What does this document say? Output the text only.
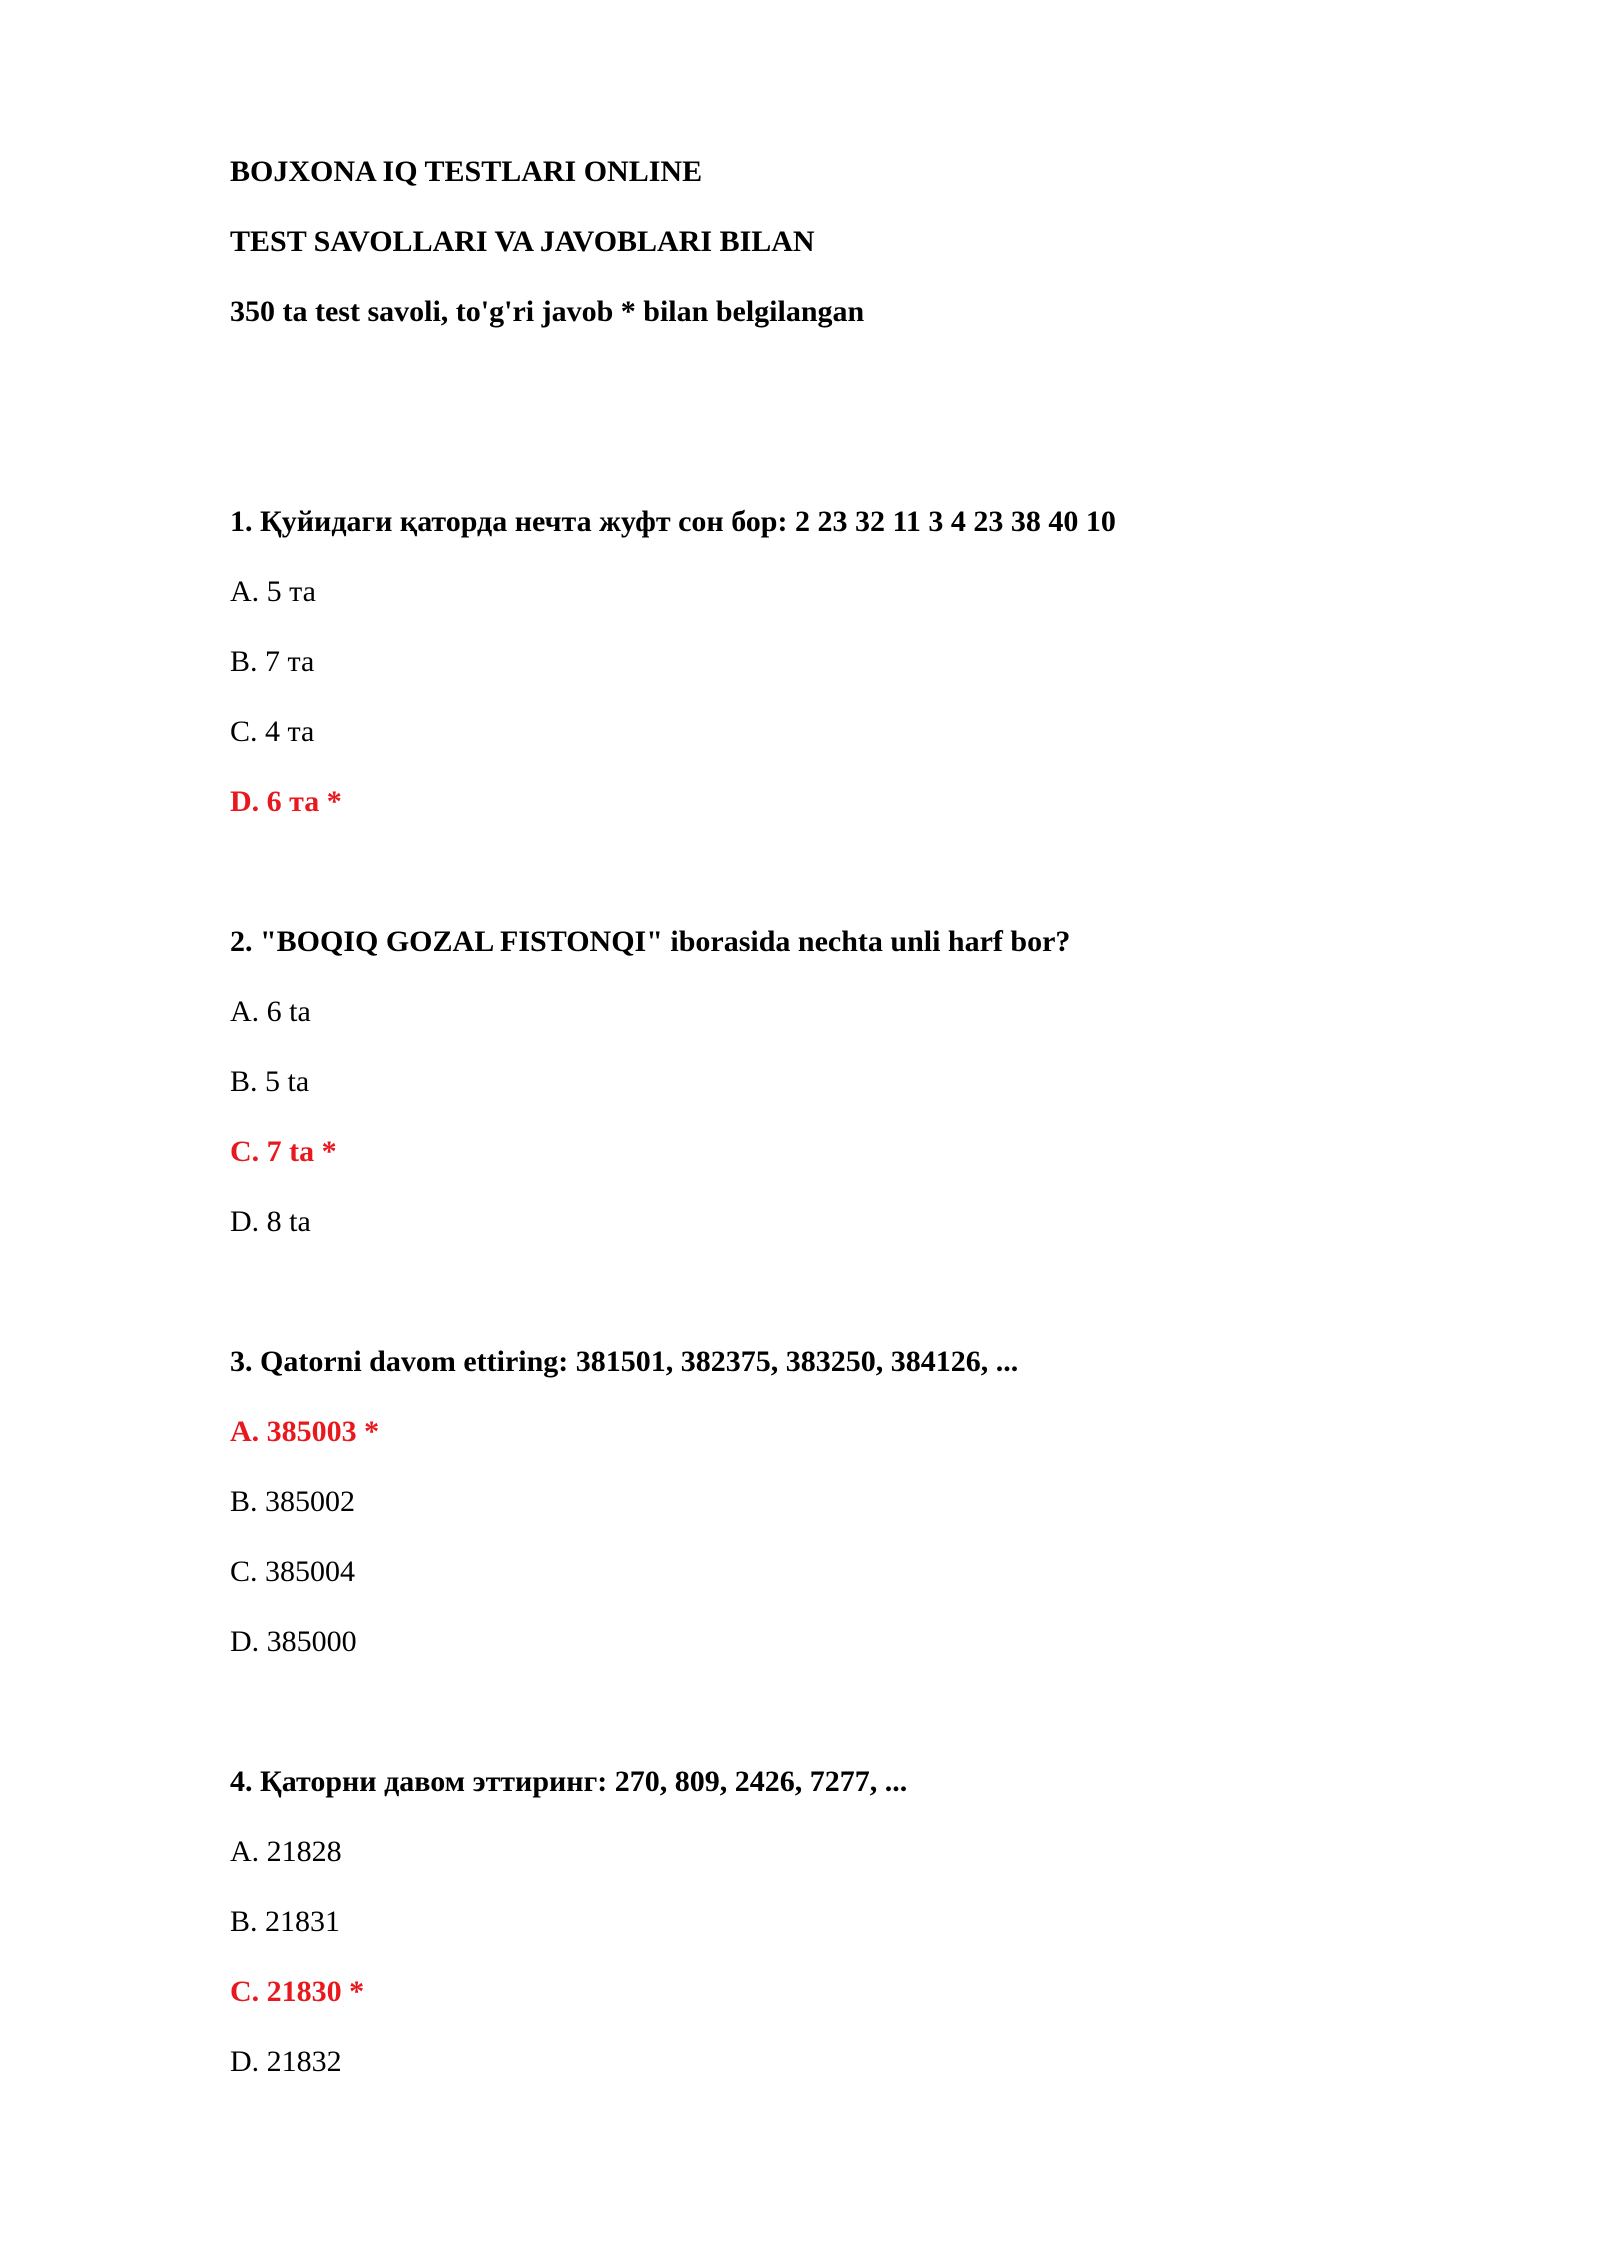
BOJXONA IQ TESTLARI ONLINE

TEST SAVOLLARI VA JAVOBLARI BILAN

350 ta test savoli, to'g'ri javob * bilan belgilangan

1. Қуйидаги қаторда нечта жуфт сон бор: 2 23 32 11 3 4 23 38 40 10

A. 5 та

B. 7 та

C. 4 та

D. 6 та *

2. "BOQIQ GOZAL FISTONQI" iborasida nechta unli harf bor?

A. 6 ta

B. 5 ta

C. 7 ta *

D. 8 ta

3. Qatorni davom ettiring: 381501, 382375, 383250, 384126, ...

A. 385003 *

B. 385002

C. 385004

D. 385000

4. Қаторни давом эттиринг: 270, 809, 2426, 7277, ...

A. 21828

B. 21831

C. 21830 *

D. 21832
